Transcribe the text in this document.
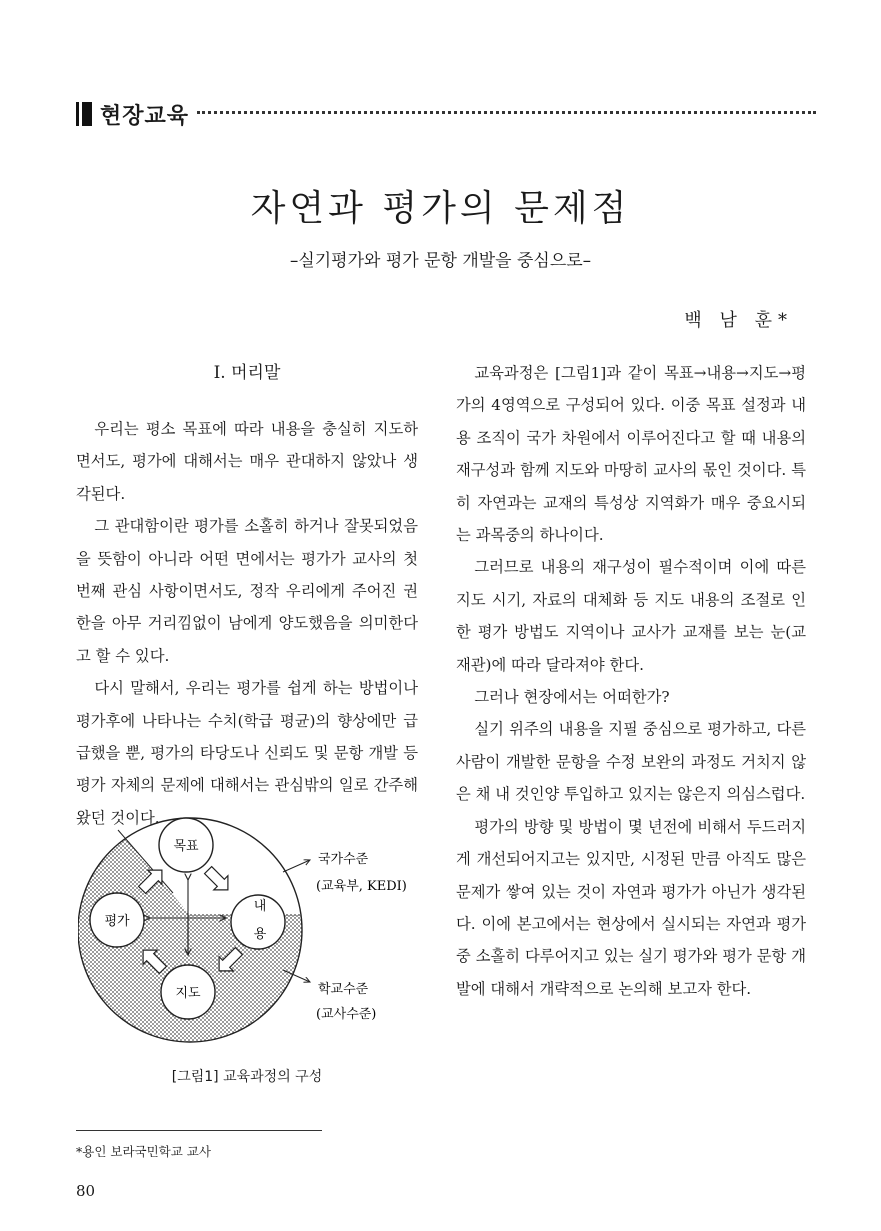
현장교육
자연과 평가의 문제점
–실기평가와 평가 문항 개발을 중심으로–
백 남 훈*
Ⅰ. 머리말

우리는 평소 목표에 따라 내용을 충실히 지도하면서도, 평가에 대해서는 매우 관대하지 않았나 생각된다.

그 관대함이란 평가를 소홀히 하거나 잘못되었음을 뜻함이 아니라 어떤 면에서는 평가가 교사의 첫번째 관심 사항이면서도, 정작 우리에게 주어진 권한을 아무 거리낌없이 남에게 양도했음을 의미한다고 할 수 있다.

다시 말해서, 우리는 평가를 쉽게 하는 방법이나 평가후에 나타나는 수치(학급 평균)의 향상에만 급급했을 뿐, 평가의 타당도나 신뢰도 및 문항 개발 등 평가 자체의 문제에 대해서는 관심밖의 일로 간주해 왔던 것이다.

교육과정은 [그림1]과 같이 목표→내용→지도→평가의 4영역으로 구성되어 있다. 이중 목표 설정과 내용 조직이 국가 차원에서 이루어진다고 할 때 내용의 재구성과 함께 지도와 마땅히 교사의 몫인 것이다. 특히 자연과는 교재의 특성상 지역화가 매우 중요시되는 과목중의 하나이다.

그러므로 내용의 재구성이 필수적이며 이에 따른 지도 시기, 자료의 대체화 등 지도 내용의 조절로 인한 평가 방법도 지역이나 교사가 교재를 보는 눈(교재관)에 따라 달라져야 한다.

그러나 현장에서는 어떠한가?

실기 위주의 내용을 지필 중심으로 평가하고, 다른 사람이 개발한 문항을 수정 보완의 과정도 거치지 않은 채 내 것인양 투입하고 있지는 않은지 의심스럽다.

평가의 방향 및 방법이 몇 년전에 비해서 두드러지게 개선되어지고는 있지만, 시정된 만큼 아직도 많은 문제가 쌓여 있는 것이 자연과 평가가 아닌가 생각된다. 이에 본고에서는 현상에서 실시되는 자연과 평가중 소홀히 다루어지고 있는 실기 평가와 평가 문항 개발에 대해서 개략적으로 논의해 보고자 한다.

목표
평가
내
용
지도
국가수준
(교육부, KEDI)
학교수준
(교사수준)
[그림1] 교육과정의 구성
*용인 보라국민학교 교사
80
